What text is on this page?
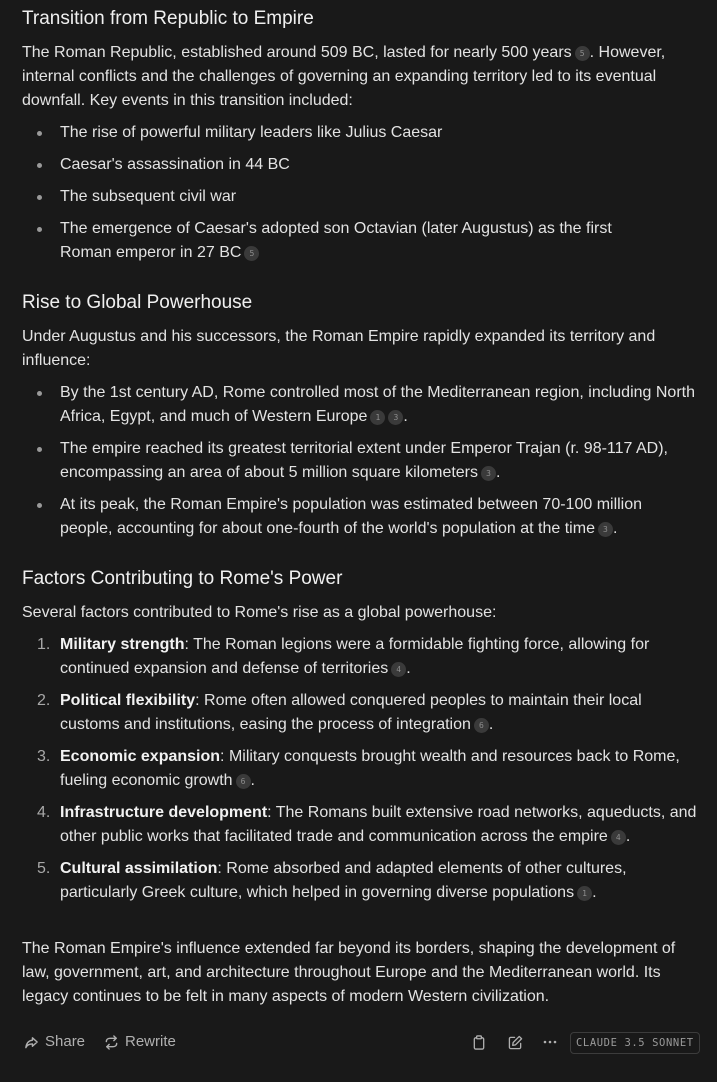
Transition from Republic to Empire

The Roman Republic, established around 509 BC, lasted for nearly 500 years 5 . However, internal conflicts and the challenges of governing an expanding territory led to its eventual downfall. Key events in this transition included:

The rise of powerful military leaders like Julius Caesar
Caesar's assassination in 44 BC
The subsequent civil war
The emergence of Caesar's adopted son Octavian (later Augustus) as the first Roman emperor in 27 BC 5
Rise to Global Powerhouse

Under Augustus and his successors, the Roman Empire rapidly expanded its territory and influence:

By the 1st century AD, Rome controlled most of the Mediterranean region, including North Africa, Egypt, and much of Western Europe 1 3 .
The empire reached its greatest territorial extent under Emperor Trajan (r. 98-117 AD), encompassing an area of about 5 million square kilometers 3 .
At its peak, the Roman Empire's population was estimated between 70-100 million people, accounting for about one-fourth of the world's population at the time 3 .
Factors Contributing to Rome's Power

Several factors contributed to Rome's rise as a global powerhouse:

1. Military strength: The Roman legions were a formidable fighting force, allowing for continued expansion and defense of territories 4 .
2. Political flexibility: Rome often allowed conquered peoples to maintain their local customs and institutions, easing the process of integration 6 .
3. Economic expansion: Military conquests brought wealth and resources back to Rome, fueling economic growth 6 .
4. Infrastructure development: The Romans built extensive road networks, aqueducts, and other public works that facilitated trade and communication across the empire 4 .
5. Cultural assimilation: Rome absorbed and adapted elements of other cultures, particularly Greek culture, which helped in governing diverse populations 1 .

The Roman Empire's influence extended far beyond its borders, shaping the development of law, government, art, and architecture throughout Europe and the Mediterranean world. Its legacy continues to be felt in many aspects of modern Western civilization.

Share	Rewrite	CLAUDE 3.5 SONNET
